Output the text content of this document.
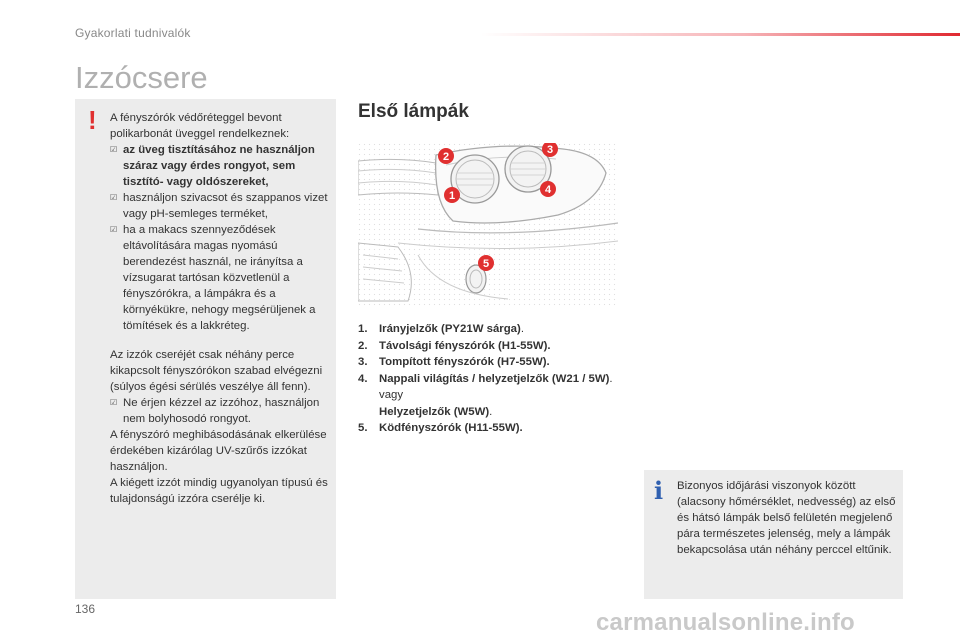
Gyakorlati tudnivalók
Izzócsere
! A fényszórók védőréteggel bevont polikarbonát üveggel rendelkeznek:

☑ az üveg tisztításához ne használjon száraz vagy érdes rongyot, sem tisztító- vagy oldószereket,
☑ használjon szivacsot és szappanos vizet vagy pH-semleges terméket,
☑ ha a makacs szennyeződések eltávolítására magas nyomású berendezést használ, ne irányítsa a vízsugarat tartósan közvetlenül a fényszórókra, a lámpákra és a környékükre, nehogy megsérüljenek a tömítések és a lakkréteg.

Az izzók cseréjét csak néhány perce kikapcsolt fényszórókon szabad elvégezni (súlyos égési sérülés veszélye áll fenn).

☑ Ne érjen kézzel az izzóhoz, használjon nem bolyhosodó rongyot.

A fényszóró meghibásodásának elkerülése érdekében kizárólag UV-szűrős izzókat használjon.

A kiégett izzót mindig ugyanolyan típusú és tulajdonságú izzóra cserélje ki.

Első lámpák
1
2
3
4
5
1. Irányjelzők (PY21W sárga).
2. Távolsági fényszórók (H1-55W).
3. Tompított fényszórók (H7-55W).
4. Nappali világítás / helyzetjelzők (W21 / 5W).
vagy
Helyzetjelzők (W5W).
5. Ködfényszórók (H11-55W).
i Bizonyos időjárási viszonyok között (alacsony hőmérséklet, nedvesség) az első és hátsó lámpák belső felületén megjelenő pára természetes jelenség, mely a lámpák bekapcsolása után néhány perccel eltűnik.
136	carmanualsonline.info
